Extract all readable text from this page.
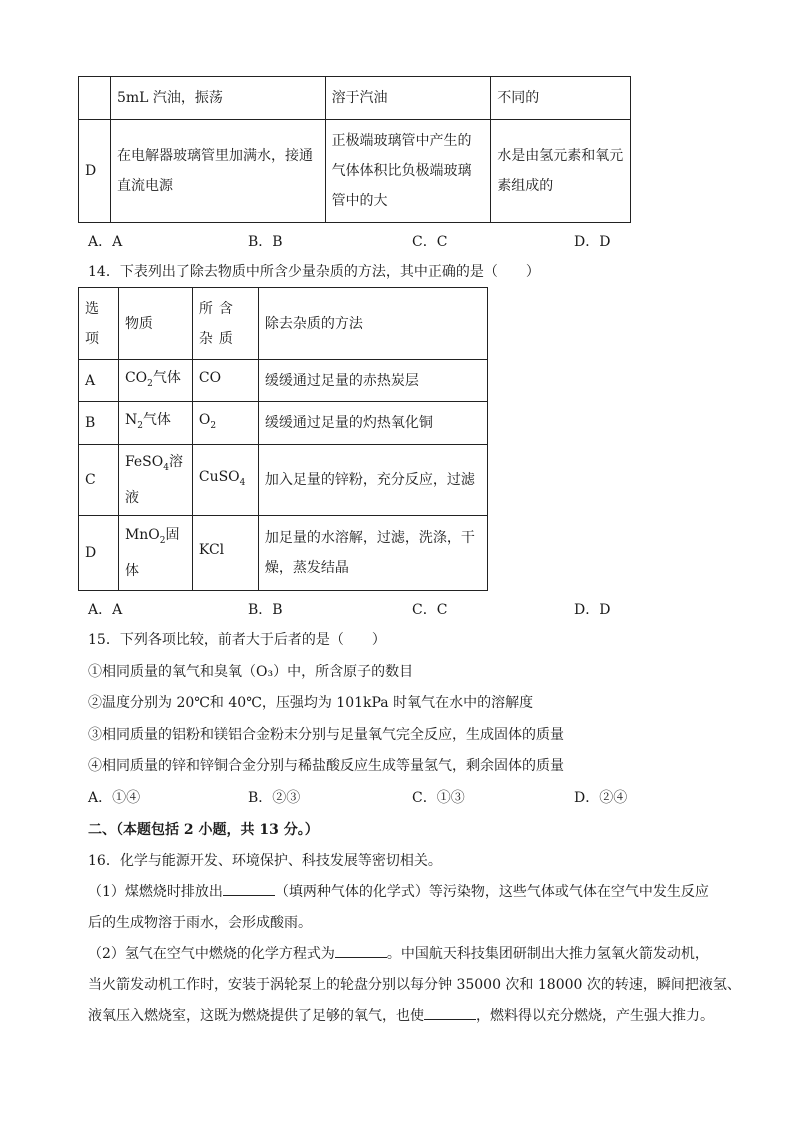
	5mL 汽油，振荡	溶于汽油	不同的
D	在电解器玻璃管里加满水，接通直流电源	正极端玻璃管中产生的气体体积比负极端玻璃管中的大	水是由氢元素和氧元素组成的
A．A	B．B	C．C	D．D
14．下表列出了除去物质中所含少量杂质的方法，其中正确的是（　　）
选项	物质	所含杂质	除去杂质的方法
A	$CO_2$气体	CO	缓缓通过足量的赤热炭层
B	$N_2$气体	$O_2$	缓缓通过足量的灼热氧化铜
C	FeSO$_4$溶液	CuSO$_4$	加入足量的锌粉，充分反应，过滤
D	MnO$_2$固体	KCl	加足量的水溶解，过滤，洗涤，干燥，蒸发结晶
A．A	B．B	C．C	D．D
15．下列各项比较，前者大于后者的是（　　）
①相同质量的氧气和臭氧（O₃）中，所含原子的数目
②温度分别为 20℃和 40℃，压强均为 101kPa 时氧气在水中的溶解度
③相同质量的铝粉和镁铝合金粉末分别与足量氧气完全反应，生成固体的质量
④相同质量的锌和锌铜合金分别与稀盐酸反应生成等量氢气，剩余固体的质量
A．①④	B．②③	C．①③	D．②④
二、（本题包括 2 小题，共 13 分。）
16．化学与能源开发、环境保护、科技发展等密切相关。
（1）煤燃烧时排放出	（填两种气体的化学式）等污染物，这些气体或气体在空气中发生反应
后的生成物溶于雨水，会形成酸雨。
（2）氢气在空气中燃烧的化学方程式为	。中国航天科技集团研制出大推力氢氧火箭发动机，
当火箭发动机工作时，安装于涡轮泵上的轮盘分别以每分钟 35000 次和 18000 次的转速，瞬间把液氢、
液氧压入燃烧室，这既为燃烧提供了足够的氧气，也使	，燃料得以充分燃烧，产生强大推力。
